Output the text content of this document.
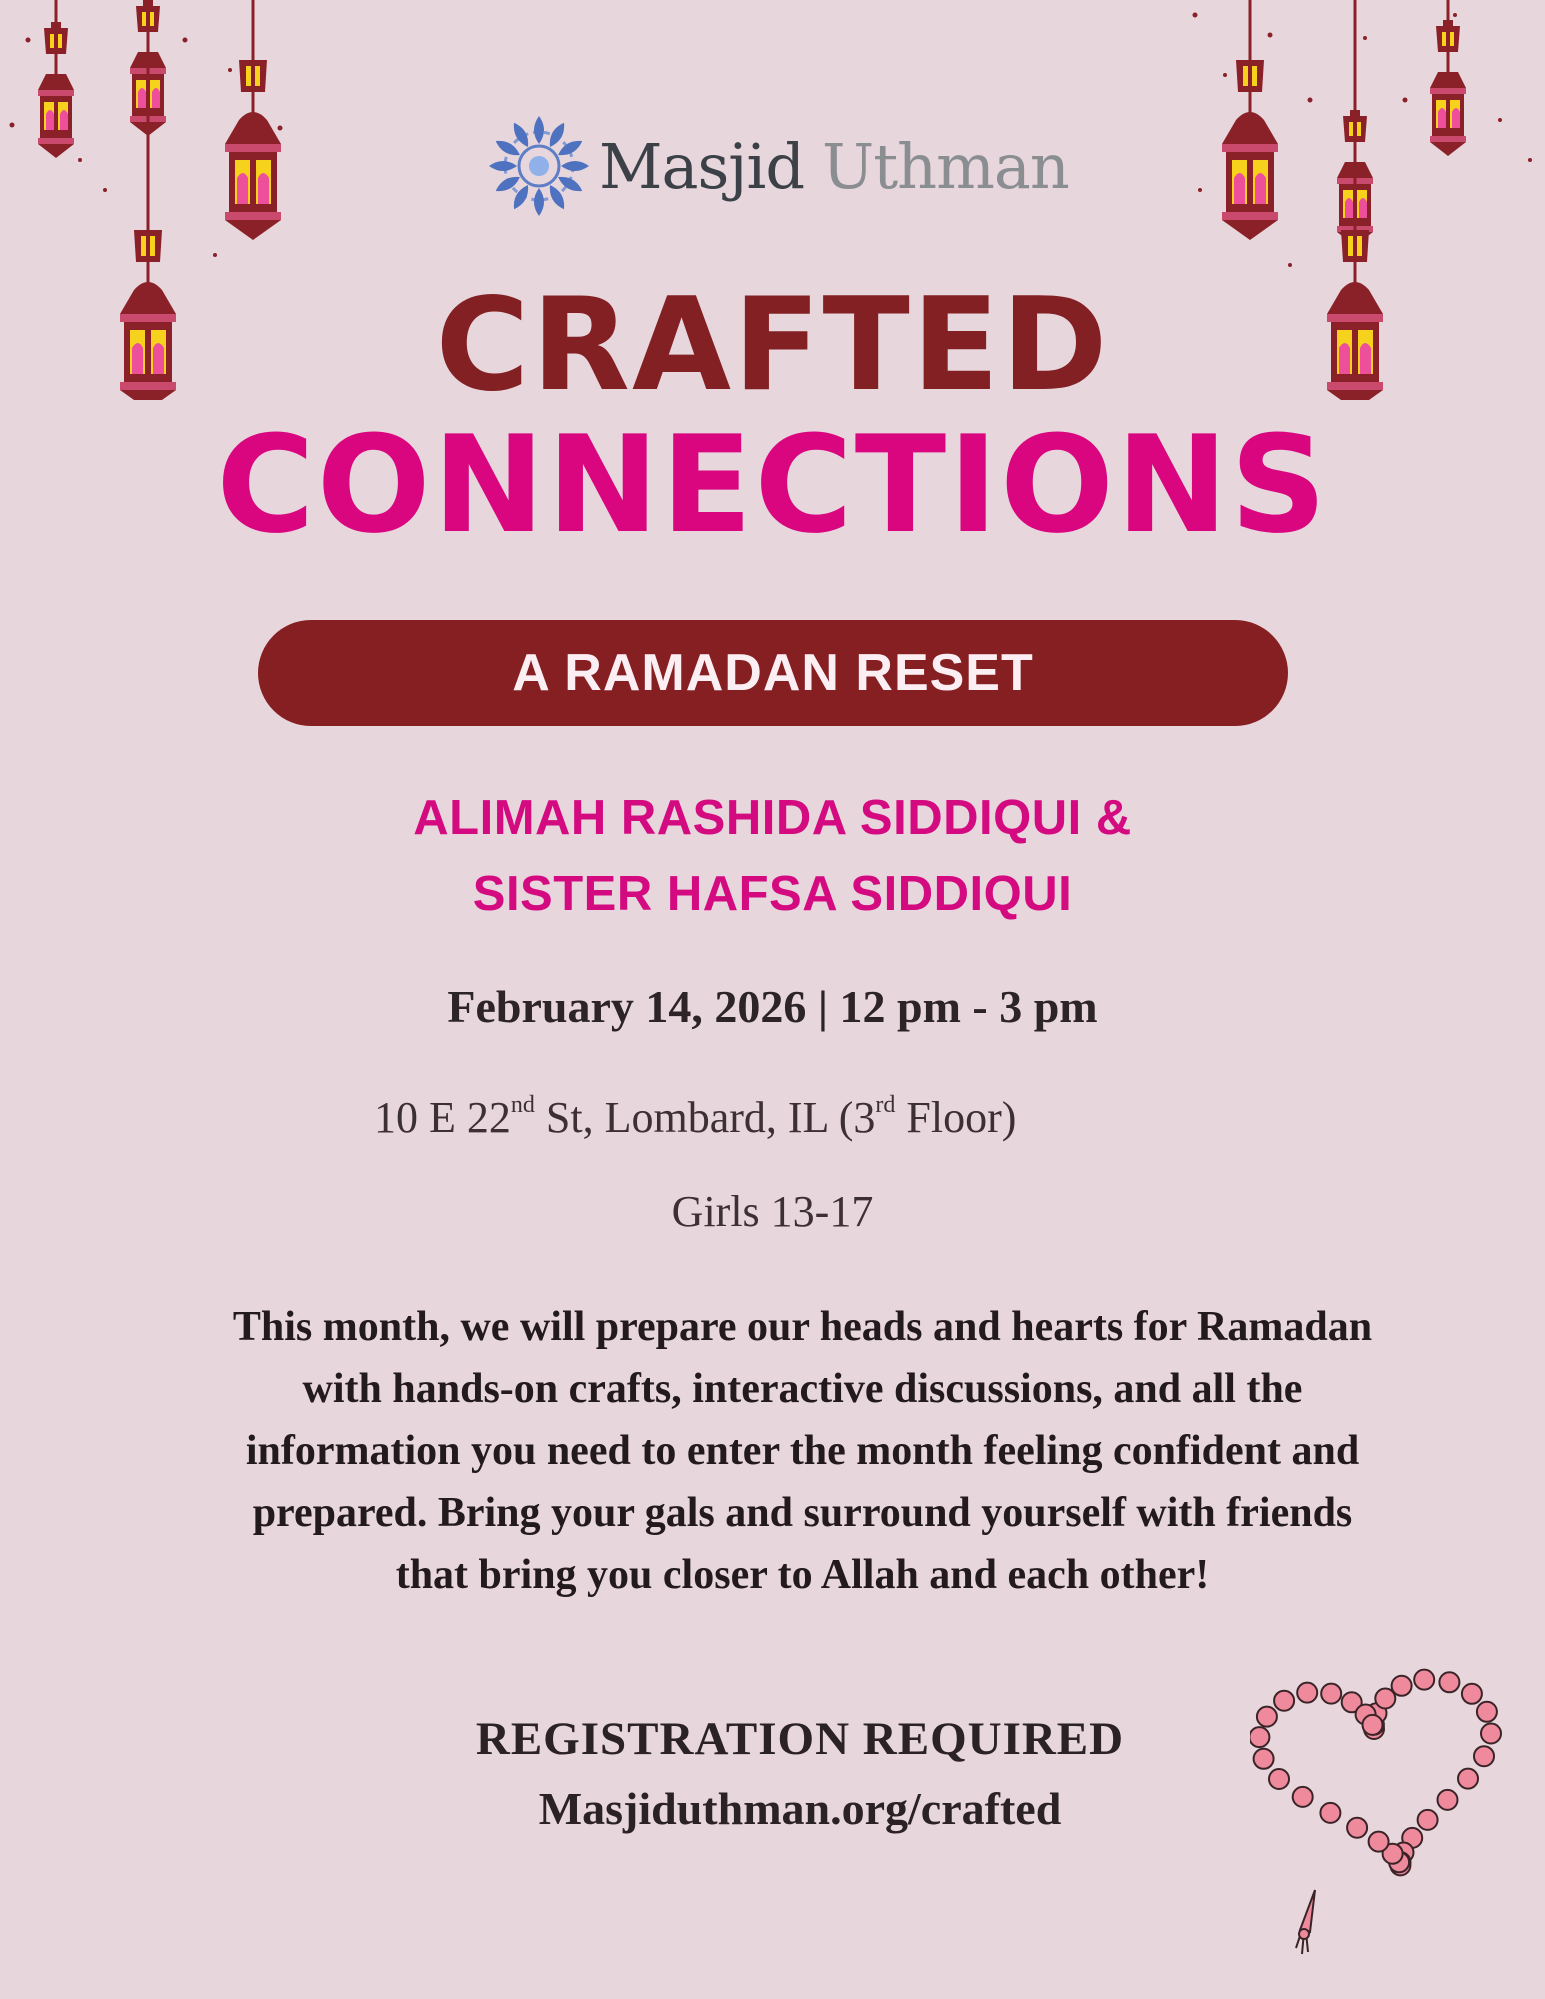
Masjid Uthman
CRAFTED
CONNECTIONS
A RAMADAN RESET
ALIMAH RASHIDA SIDDIQUI &
SISTER HAFSA SIDDIQUI
February 14, 2026 | 12 pm - 3 pm
10 E 22nd St, Lombard, IL (3rd Floor)
Girls 13-17
This month, we will prepare our heads and hearts for Ramadan
with hands-on crafts, interactive discussions, and all the
information you need to enter the month feeling confident and
prepared. Bring your gals and surround yourself with friends
that bring you closer to Allah and each other!
REGISTRATION REQUIRED
Masjiduthman.org/crafted
